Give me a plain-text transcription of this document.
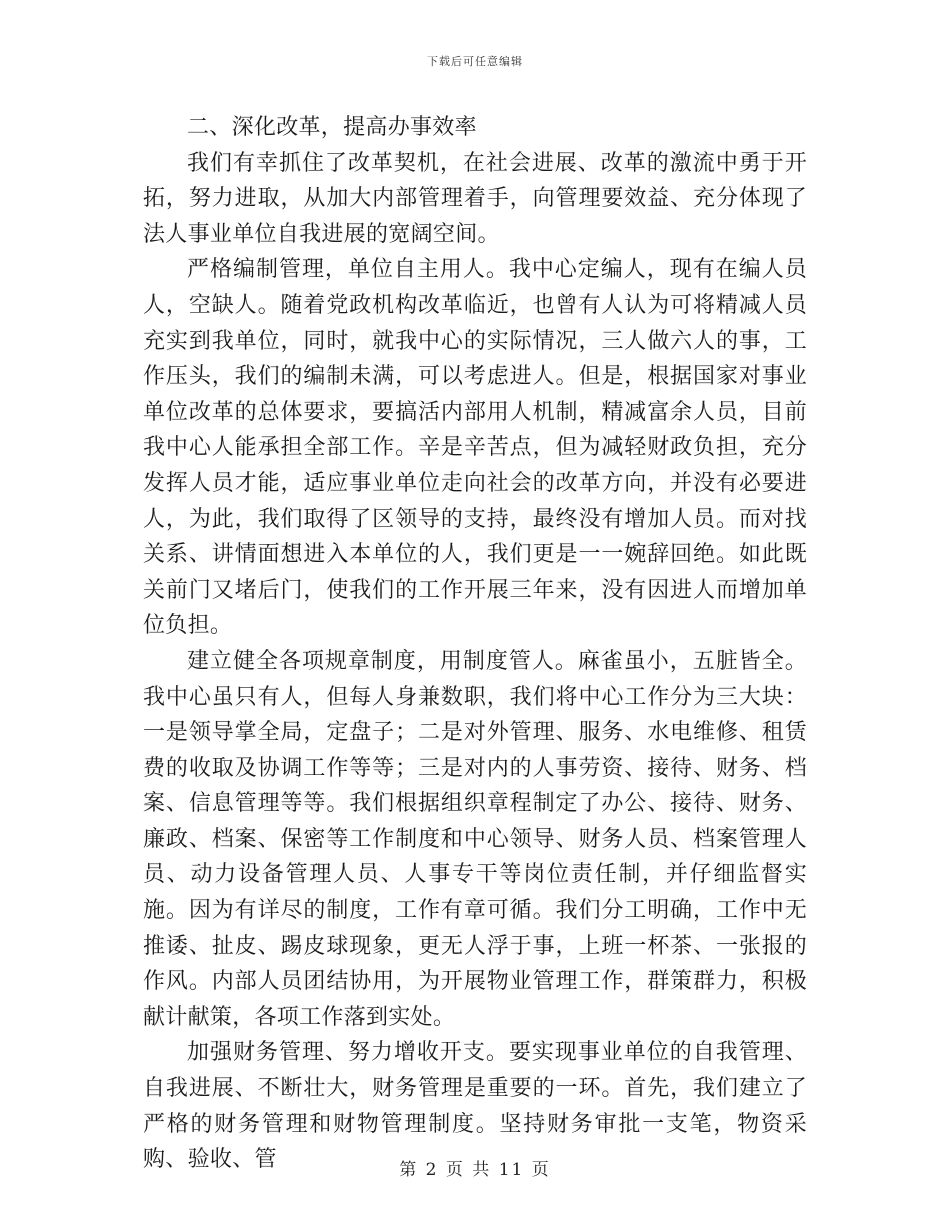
下载后可任意编辑

二、深化改革，提高办事效率

我们有幸抓住了改革契机，在社会进展、改革的激流中勇于开拓，努力进取，从加大内部管理着手，向管理要效益、充分体现了法人事业单位自我进展的宽阔空间。

严格编制管理，单位自主用人。我中心定编人，现有在编人员人，空缺人。随着党政机构改革临近，也曾有人认为可将精减人员充实到我单位，同时，就我中心的实际情况，三人做六人的事，工作压头，我们的编制未满，可以考虑进人。但是，根据国家对事业单位改革的总体要求，要搞活内部用人机制，精减富余人员，目前我中心人能承担全部工作。辛是辛苦点，但为减轻财政负担，充分发挥人员才能，适应事业单位走向社会的改革方向，并没有必要进人，为此，我们取得了区领导的支持，最终没有增加人员。而对找关系、讲情面想进入本单位的人，我们更是一一婉辞回绝。如此既关前门又堵后门，使我们的工作开展三年来，没有因进人而增加单位负担。

建立健全各项规章制度，用制度管人。麻雀虽小，五脏皆全。我中心虽只有人，但每人身兼数职，我们将中心工作分为三大块：一是领导掌全局，定盘子；二是对外管理、服务、水电维修、租赁费的收取及协调工作等等；三是对内的人事劳资、接待、财务、档案、信息管理等等。我们根据组织章程制定了办公、接待、财务、廉政、档案、保密等工作制度和中心领导、财务人员、档案管理人员、动力设备管理人员、人事专干等岗位责任制，并仔细监督实施。因为有详尽的制度，工作有章可循。我们分工明确，工作中无推诿、扯皮、踢皮球现象，更无人浮于事，上班一杯茶、一张报的作风。内部人员团结协用，为开展物业管理工作，群策群力，积极献计献策，各项工作落到实处。

加强财务管理、努力增收开支。要实现事业单位的自我管理、自我进展、不断壮大，财务管理是重要的一环。首先，我们建立了严格的财务管理和财物管理制度。坚持财务审批一支笔，物资采购、验收、管	第 2 页 共 11 页
